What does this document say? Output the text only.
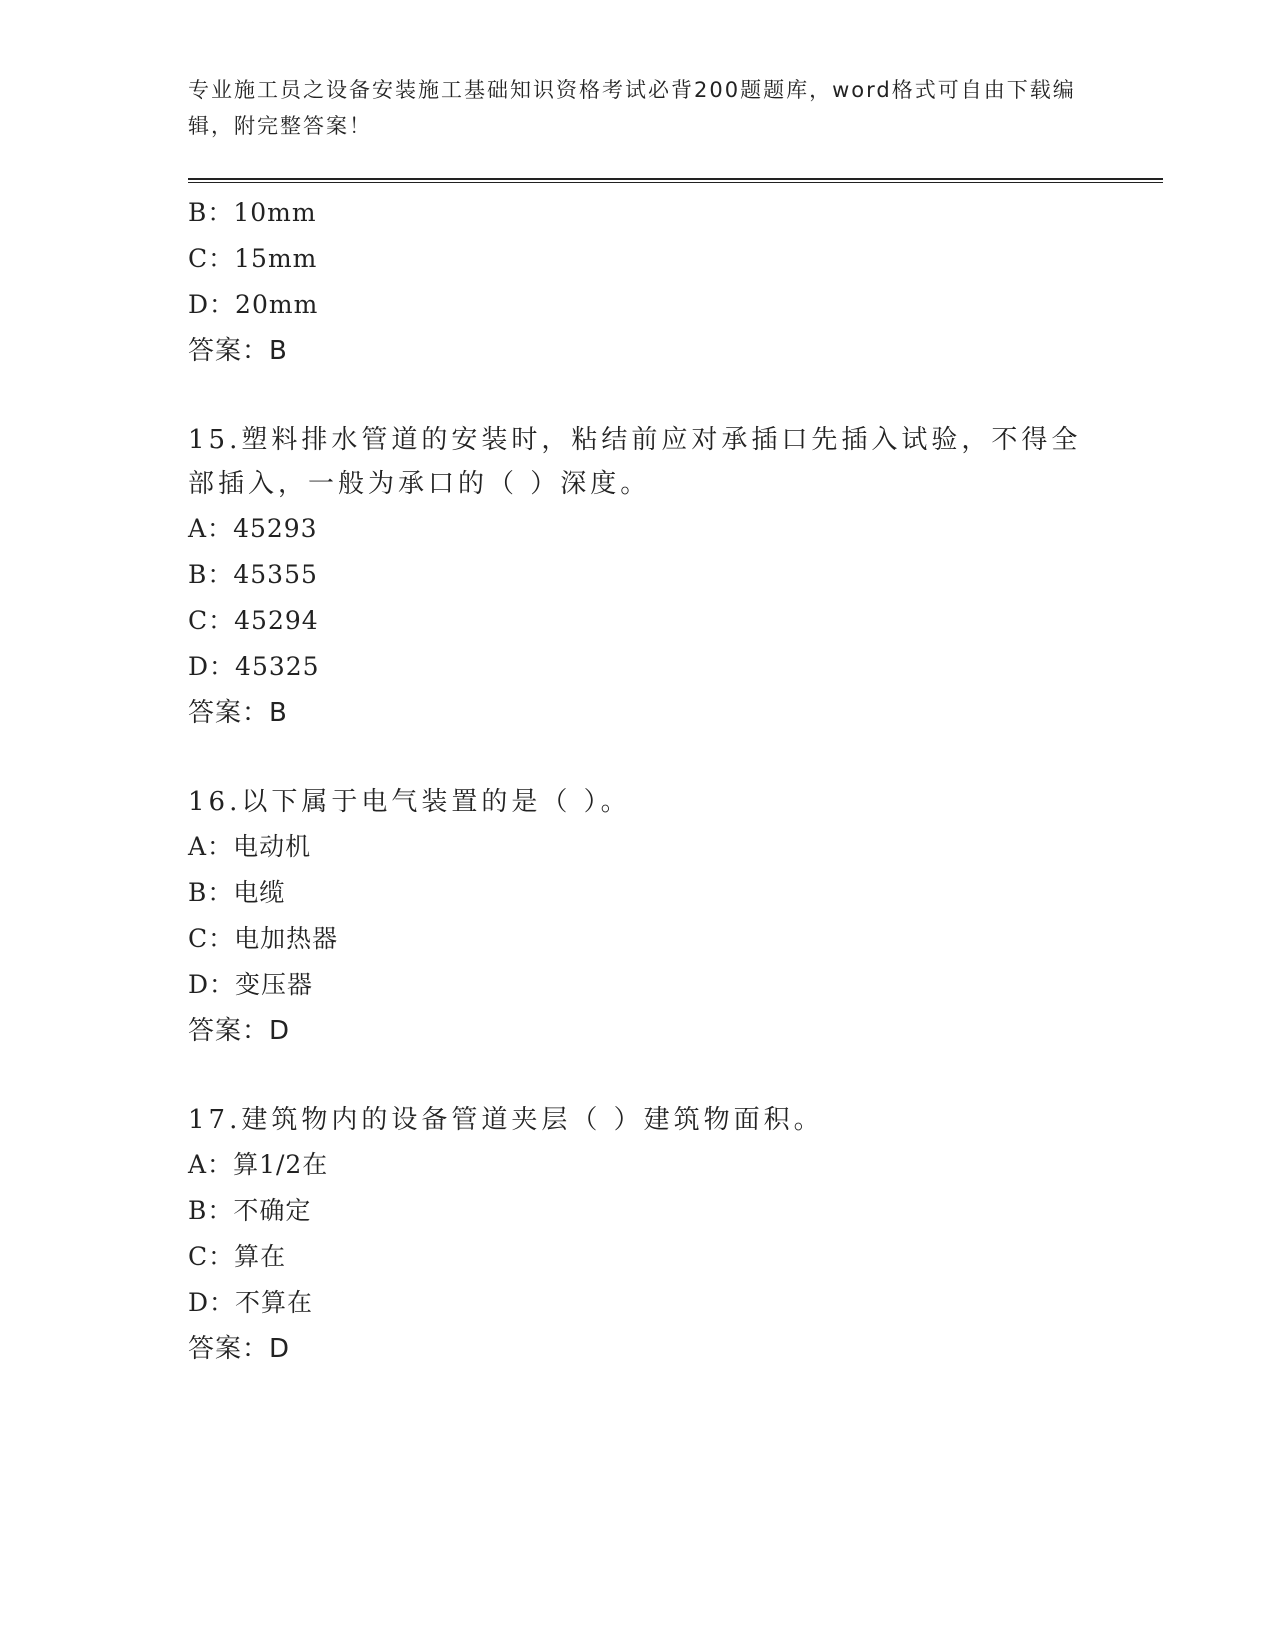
专业施工员之设备安装施工基础知识资格考试必背200题题库，word格式可自由下载编辑，附完整答案！
B：10mm
C：15mm
D：20mm
答案：B
15.塑料排水管道的安装时，粘结前应对承插口先插入试验，不得全部插入，一般为承口的（ ）深度。
A：45293
B：45355
C：45294
D：45325
答案：B
16.以下属于电气装置的是（ ）。
A：电动机
B：电缆
C：电加热器
D：变压器
答案：D
17.建筑物内的设备管道夹层（ ）建筑物面积。
A：算1/2在
B：不确定
C：算在
D：不算在
答案：D
